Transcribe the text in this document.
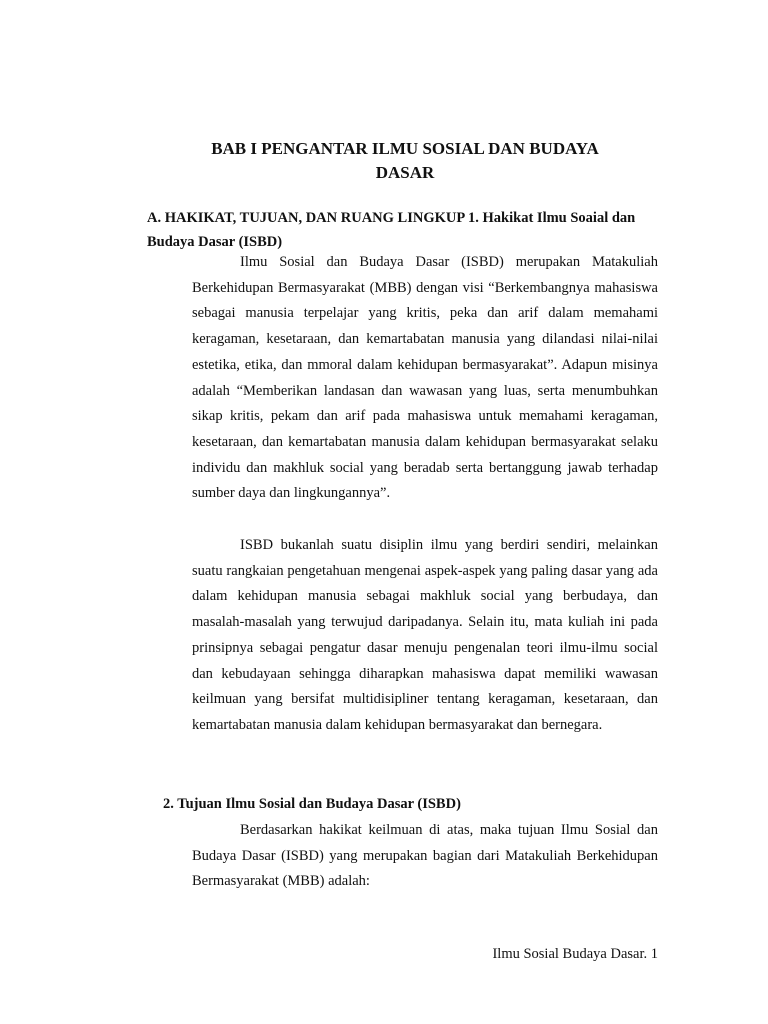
BAB I PENGANTAR ILMU SOSIAL DAN BUDAYA
DASAR
A. HAKIKAT, TUJUAN, DAN RUANG LINGKUP 1. Hakikat Ilmu Soaial dan Budaya Dasar (ISBD)

Ilmu Sosial dan Budaya Dasar (ISBD) merupakan Matakuliah Berkehidupan Bermasyarakat (MBB) dengan visi “Berkembangnya mahasiswa sebagai manusia terpelajar yang kritis, peka dan arif dalam memahami keragaman, kesetaraan, dan kemartabatan manusia yang dilandasi nilai-nilai estetika, etika, dan mmoral dalam kehidupan bermasyarakat”. Adapun misinya adalah “Memberikan landasan dan wawasan yang luas, serta menumbuhkan sikap kritis, pekam dan arif pada mahasiswa untuk memahami keragaman, kesetaraan, dan kemartabatan manusia dalam kehidupan bermasyarakat selaku individu dan makhluk social yang beradab serta bertanggung jawab terhadap sumber daya dan lingkungannya”.

ISBD bukanlah suatu disiplin ilmu yang berdiri sendiri, melainkan suatu rangkaian pengetahuan mengenai aspek-aspek yang paling dasar yang ada dalam kehidupan manusia sebagai makhluk social yang berbudaya, dan masalah-masalah yang terwujud daripadanya. Selain itu, mata kuliah ini pada prinsipnya sebagai pengatur dasar menuju pengenalan teori ilmu-ilmu social dan kebudayaan sehingga diharapkan mahasiswa dapat memiliki wawasan keilmuan yang bersifat multidisipliner tentang keragaman, kesetaraan, dan kemartabatan manusia dalam kehidupan bermasyarakat dan bernegara.

2. Tujuan Ilmu Sosial dan Budaya Dasar (ISBD)

Berdasarkan hakikat keilmuan di atas, maka tujuan Ilmu Sosial dan Budaya Dasar (ISBD) yang merupakan bagian dari Matakuliah Berkehidupan Bermasyarakat (MBB) adalah:

Ilmu Sosial Budaya Dasar. 1
